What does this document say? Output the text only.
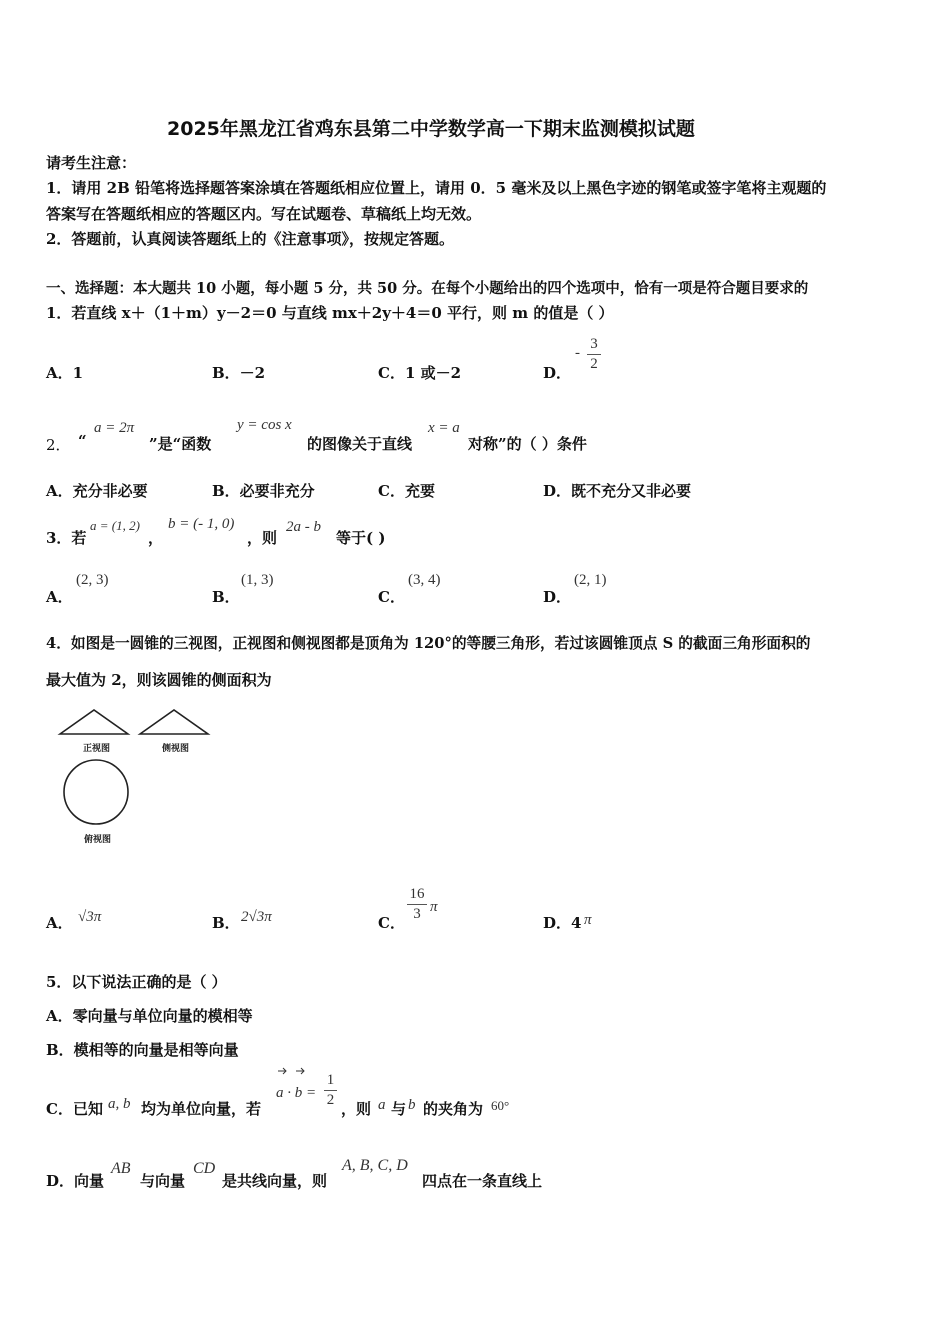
2025年黑龙江省鸡东县第二中学数学高一下期末监测模拟试题
请考生注意：
1．请用 2B 铅笔将选择题答案涂填在答题纸相应位置上，请用 0．5 毫米及以上黑色字迹的钢笔或签字笔将主观题的
答案写在答题纸相应的答题区内。写在试题卷、草稿纸上均无效。
2．答题前，认真阅读答题纸上的《注意事项》，按规定答题。
一、选择题：本大题共 10 小题，每小题 5 分，共 50 分。在每个小题给出的四个选项中，恰有一项是符合题目要求的
1．若直线 x＋（1＋m）y－2＝0 与直线 mx＋2y＋4＝0 平行，则 m 的值是（ ）
A．1	B．－2	C．1 或－2	D．
-
3
2
2． “
a = 2π
”是“函数
y = cos x
的图像关于直线
x = a
对称”的（ ）条件
A．充分非必要	B．必要非充分	C．充要	D．既不充分又非必要
3．若
a = (1, 2)
，
b = (- 1, 0)
，则
2a - b
等于( )
A．
(2, 3)
B．
(1, 3)
C．
(3, 4)
D．
(2, 1)
4．如图是一圆锥的三视图，正视图和侧视图都是顶角为 120°的等腰三角形，若过该圆锥顶点 S 的截面三角形面积的
最大值为 2，则该圆锥的侧面积为
正视图	侧视图
俯视图
A． √3π	B． 2√3π	C．
16
3 π
D．4 π
5．以下说法正确的是（ ）
A．零向量与单位向量的模相等
B．模相等的向量是相等向量
C．已知 a, b 均为单位向量，若
a · b =
1
2 ，则 a 与 b 的夹角为 60°
D．向量
AB
与向量
CD
是共线向量，则
A, B, C, D
四点在一条直线上
